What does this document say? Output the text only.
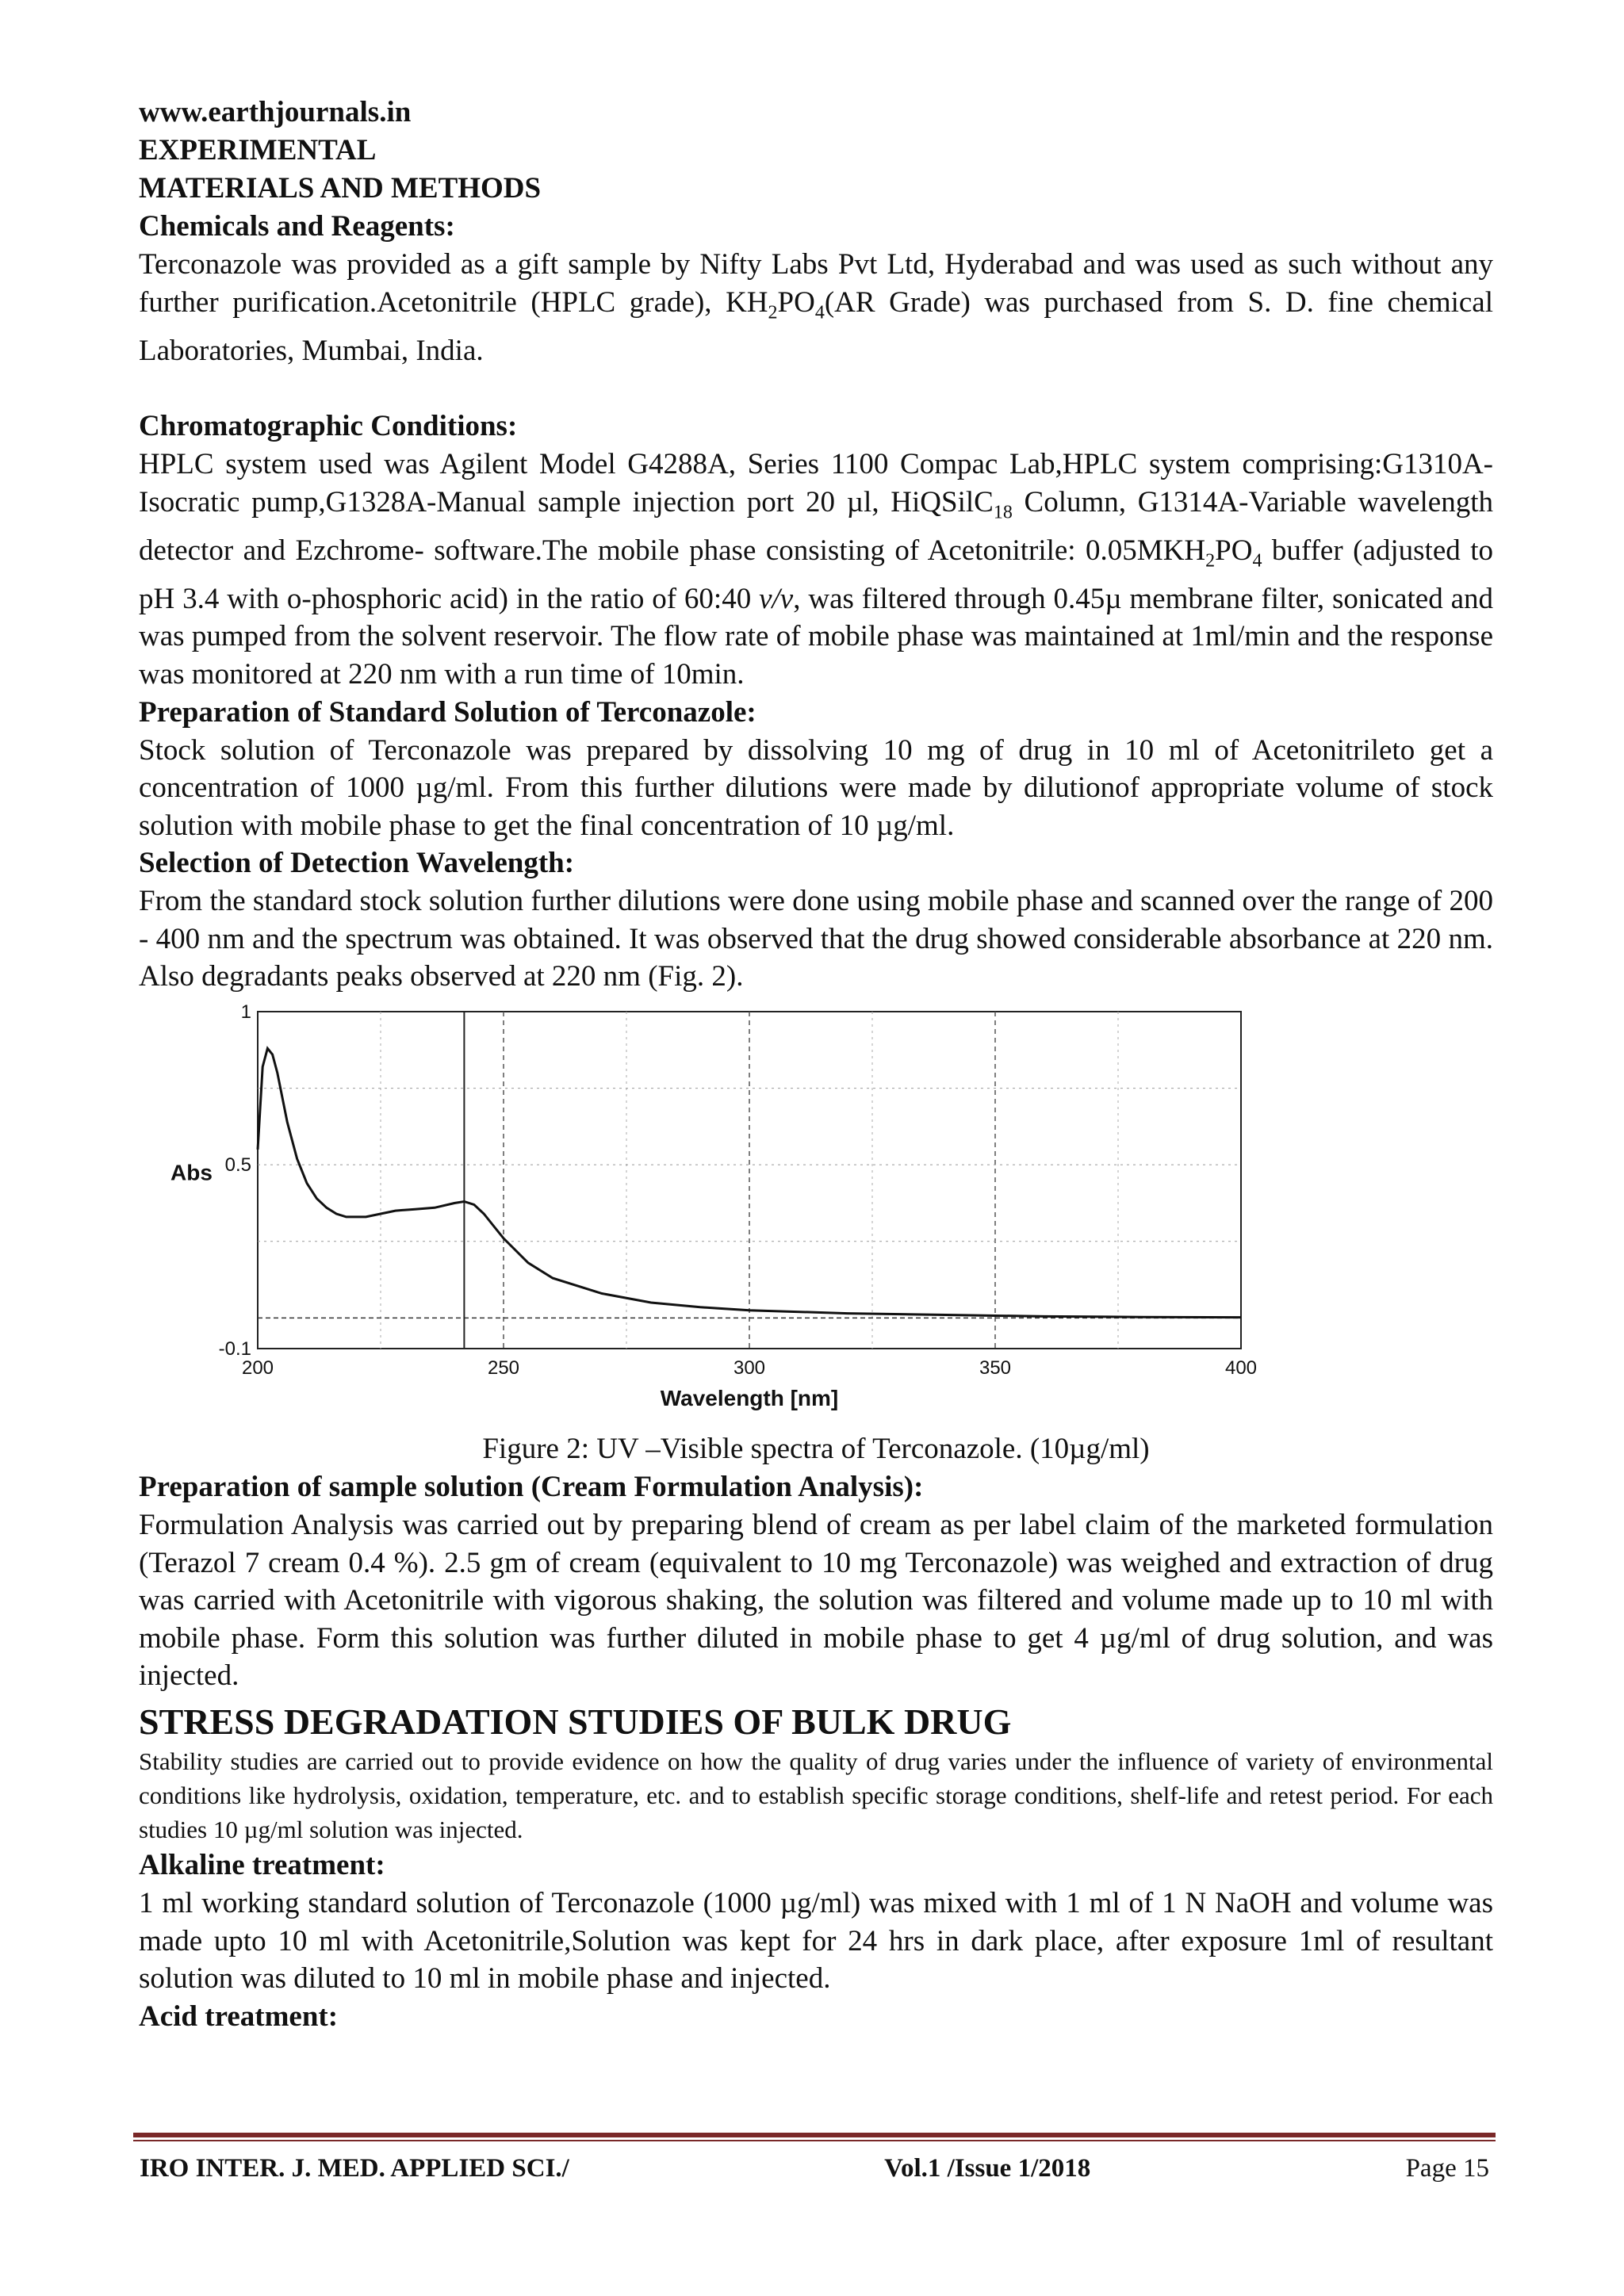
www.earthjournals.in

EXPERIMENTAL

MATERIALS AND METHODS

Chemicals and Reagents:

Terconazole was provided as a gift sample by Nifty Labs Pvt Ltd, Hyderabad and was used as such without any further purification.Acetonitrile (HPLC grade), $KH_2PO_4(AR$ Grade) was purchased from S. D. fine chemical Laboratories, Mumbai, India.

Chromatographic Conditions:

HPLC system used was Agilent Model G4288A, Series 1100 Compac Lab,HPLC system comprising:G1310A- Isocratic pump,G1328A-Manual sample injection port 20 µl, HiQSilC$_{18}$ Column, G1314A-Variable wavelength detector and Ezchrome- software.The mobile phase consisting of Acetonitrile: $0.05MKH_2PO_4$ buffer (adjusted to pH 3.4 with o-phosphoric acid) in the ratio of 60:40 v/v, was filtered through 0.45µ membrane filter, sonicated and was pumped from the solvent reservoir. The flow rate of mobile phase was maintained at 1ml/min and the response was monitored at 220 nm with a run time of 10min.

Preparation of Standard Solution of Terconazole:

Stock solution of Terconazole was prepared by dissolving 10 mg of drug in 10 ml of Acetonitrileto get a concentration of 1000 µg/ml. From this further dilutions were made by dilutionof appropriate volume of stock solution with mobile phase to get the final concentration of 10 µg/ml.

Selection of Detection Wavelength:

From the standard stock solution further dilutions were done using mobile phase and scanned over the range of 200 - 400 nm and the spectrum was obtained. It was observed that the drug showed considerable absorbance at 220 nm. Also degradants peaks observed at 220 nm (Fig. 2).

200	250	300	350	400
1
0.5
-0.1
Wavelength [nm]
Abs

Figure 2: UV –Visible spectra of Terconazole. (10µg/ml)

Preparation of sample solution (Cream Formulation Analysis):

Formulation Analysis was carried out by preparing blend of cream as per label claim of the marketed formulation (Terazol 7 cream 0.4 %). 2.5 gm of cream (equivalent to 10 mg Terconazole) was weighed and extraction of drug was carried with Acetonitrile with vigorous shaking, the solution was filtered and volume made up to 10 ml with mobile phase. Form this solution was further diluted in mobile phase to get 4 µg/ml of drug solution, and was injected.

STRESS DEGRADATION STUDIES OF BULK DRUG

Stability studies are carried out to provide evidence on how the quality of drug varies under the influence of variety of environmental conditions like hydrolysis, oxidation, temperature, etc. and to establish specific storage conditions, shelf-life and retest period. For each studies 10 µg/ml solution was injected.

Alkaline treatment:

1 ml working standard solution of Terconazole (1000 µg/ml) was mixed with 1 ml of 1 N NaOH and volume was made upto 10 ml with Acetonitrile,Solution was kept for 24 hrs in dark place, after exposure 1ml of resultant solution was diluted to 10 ml in mobile phase and injected.

Acid treatment:

IRO INTER. J. MED. APPLIED SCI./	Vol.1 /Issue 1/2018	Page 15
